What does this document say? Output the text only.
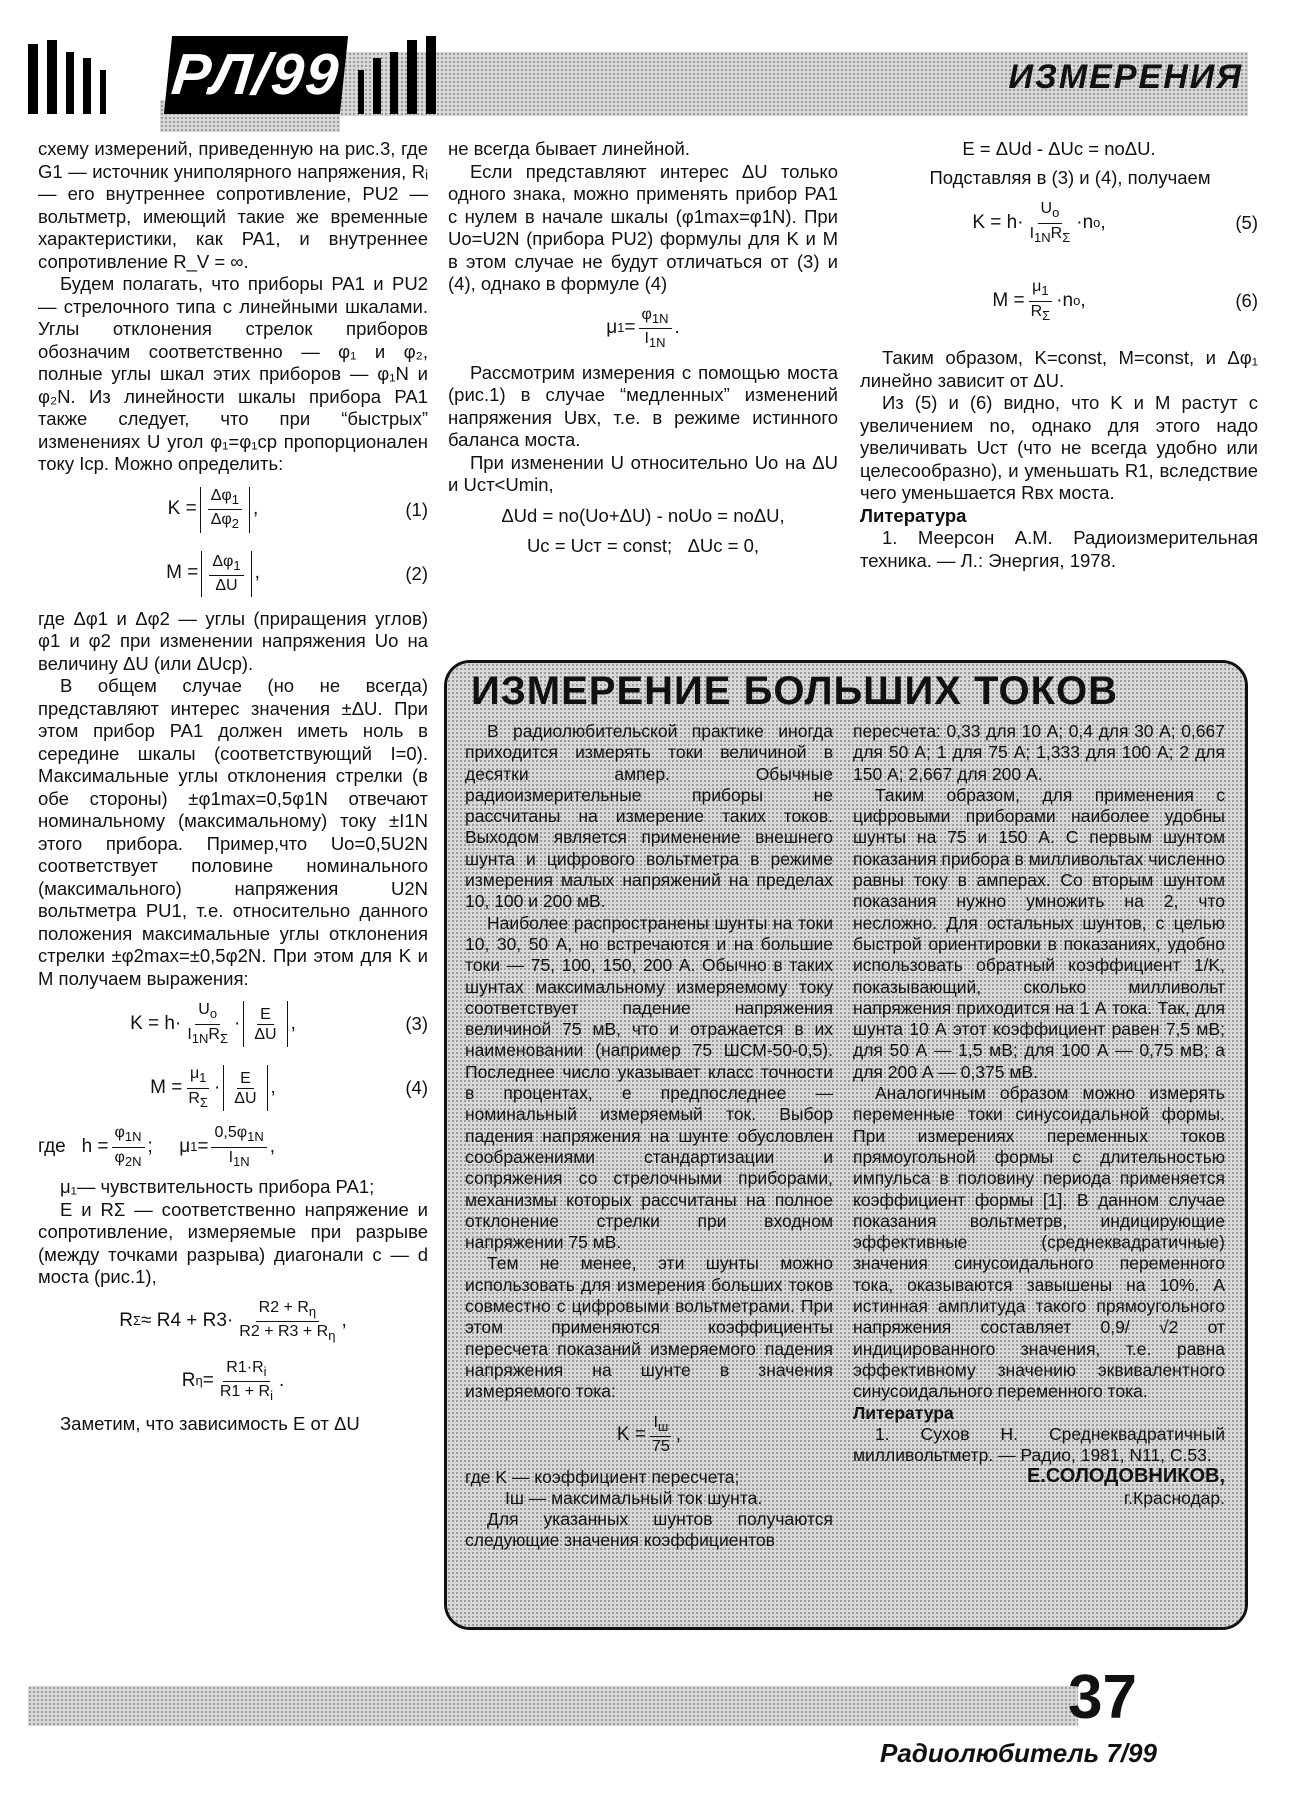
РЛ/99	ИЗМЕРЕНИЯ

схему измерений, приведенную на рис.3, где G1 — источник униполярного напряжения, Rᵢ — его внутреннее сопротивление, PU2 — вольтметр, имеющий такие же временные характеристики, как PA1, и внутреннее сопротивление R_V = ∞.

Будем полагать, что приборы PA1 и PU2 — стрелочного типа с линейными шкалами. Углы отклонения стрелок приборов обозначим соответственно — φ₁ и φ₂, полные углы шкал этих приборов — φ₁N и φ₂N. Из линейности шкалы прибора PA1 также следует, что при “быстрых” изменениях U угол φ₁=φ₁ср пропорционален току Iср. Можно определить:

K =
$\Delta\varphi_1$
$\Delta\varphi_2$
,	(1)
M =
$\Delta\varphi_1$
ΔU
,	(2)

где Δφ1 и Δφ2 — углы (приращения углов) φ1 и φ2 при изменении напряжения Uo на величину ΔU (или ΔUср).

В общем случае (но не всегда) представляют интерес значения ±ΔU. При этом прибор PA1 должен иметь ноль в середине шкалы (соответствующий I=0). Максимальные углы отклонения стрелки (в обе стороны) ±φ1max=0,5φ1N отвечают номинальному (максимальному) току ±I1N этого прибора. Пример,что Uo=0,5U2N соответствует половине номинального (максимального) напряжения U2N вольтметра PU1, т.е. относительно данного положения максимальные углы отклонения стрелки ±φ2max=±0,5φ2N. При этом для K и M получаем выражения:

K = h·
$U_o$
$I_{1N}R_\Sigma$
· E
ΔU
,	(3)
M =
$\mu_1$
$R_\Sigma$
· E
ΔU
,	(4)
где h =
$\varphi_{1N}$
$\varphi_{2N}$
;     μ 1 =
$0,5\varphi_{1N}$
$I_{1N}$
,

μ₁— чувствительность прибора PA1;

E и RΣ — соответственно напряжение и сопротивление, измеряемые при разрыве (между точками разрыва) диагонали c — d моста (рис.1),

R Σ ≈ R4 + R3·
$R2 + R_\eta$
$R2 + R3 + R_\eta$
,
R η =
$R1\cdot R_i$
$R1 + R_i$
.

Заметим, что зависимость E от ΔU

не всегда бывает линейной.

Если представляют интерес ΔU только одного знака, можно применять прибор PA1 с нулем в начале шкалы (φ1max=φ1N). При Uo=U2N (прибора PU2) формулы для K и M в этом случае не будут отличаться от (3) и (4), однако в формуле (4)

μ 1 =
$\varphi_{1N}$
$I_{1N}$
.

Рассмотрим измерения с помощью моста (рис.1) в случае “медленных” изменений напряжения Uвх, т.е. в режиме истинного баланса моста.

При изменении U относительно Uo на ΔU и Uст<Umin,

ΔUd = no(Uo+ΔU) - noUo = noΔU,

Uc = Uст = const;   ΔUc = 0,

E = ΔUd - ΔUc = noΔU.

Подставляя в (3) и (4), получаем

K = h·
$U_o$
$I_{1N}R_\Sigma$
·n o ,	(5)
M =
$\mu_1$
$R_\Sigma$
·n o ,	(6)

Таким образом, K=const, M=const, и Δφ₁ линейно зависит от ΔU.

Из (5) и (6) видно, что K и M растут с увеличением no, однако для этого надо увеличивать Uст (что не всегда удобно или целесообразно), и уменьшать R1, вследствие чего уменьшается Rвх моста.

Литература

1. Меерсон А.М. Радиоизмерительная техника. — Л.: Энергия, 1978.

ИЗМЕРЕНИЕ БОЛЬШИХ ТОКОВ

В радиолюбительской практике иногда приходится измерять токи величиной в десятки ампер. Обычные радиоизмерительные приборы не рассчитаны на измерение таких токов. Выходом является применение внешнего шунта и цифрового вольтметра в режиме измерения малых напряжений на пределах 10, 100 и 200 мВ.

Наиболее распространены шунты на токи 10, 30, 50 А, но встречаются и на большие токи — 75, 100, 150, 200 А. Обычно в таких шунтах максимальному измеряемому току соответствует падение напряжения величиной 75 мВ, что и отражается в их наименовании (например 75 ШСМ-50-0,5). Последнее число указывает класс точности в процентах, е предпоследнее — номинальный измеряемый ток. Выбор падения напряжения на шунте обусловлен соображениями стандартизации и сопряжения со стрелочными приборами, механизмы которых рассчитаны на полное отклонение стрелки при входном напряжении 75 мВ.

Тем не менее, эти шунты можно использовать для измерения больших токов совместно с цифровыми вольтметрами. При этом применяются коэффициенты пересчета показаний измеряемого падения напряжения на шунте в значения измеряемого тока:

K =
$I_ш$
75
,

где K — коэффициент пересчета;

Iш — максимальный ток шунта.

Для указанных шунтов получаются следующие значения коэффициентов

пересчета: 0,33 для 10 А; 0,4 для 30 А; 0,667 для 50 А; 1 для 75 А; 1,333 для 100 А; 2 для 150 А; 2,667 для 200 А.

Таким образом, для применения с цифровыми приборами наиболее удобны шунты на 75 и 150 А. С первым шунтом показания прибора в милливольтах численно равны току в амперах. Со вторым шунтом показания нужно умножить на 2, что несложно. Для остальных шунтов, с целью быстрой ориентировки в показаниях, удобно использовать обратный коэффициент 1/K, показывающий, сколько милливольт напряжения приходится на 1 А тока. Так, для шунта 10 А этот коэффициент равен 7,5 мВ; для 50 А — 1,5 мВ; для 100 А — 0,75 мВ; а для 200 А — 0,375 мВ.

Аналогичным образом можно измерять переменные токи синусоидальной формы. При измерениях переменных токов прямоугольной формы с длительностью импульса в половину периода применяется коэффициент формы [1]. В данном случае показания вольтметрв, индицирующие эффективные (среднеквадратичные) значения синусоидального переменного тока, оказываются завышены на 10%. А истинная амплитуда такого прямоугольного напряжения составляет 0,9/ √2 от индицированного значения, т.е. равна эффективному значению эквивалентного синусоидального переменного тока.

Литература

1. Сухов Н. Среднеквадратичный милливольтметр. — Радио, 1981, N11, С.53.

Е.СОЛОДОВНИКОВ,

г.Краснодар.

37
Радиолюбитель 7/99
